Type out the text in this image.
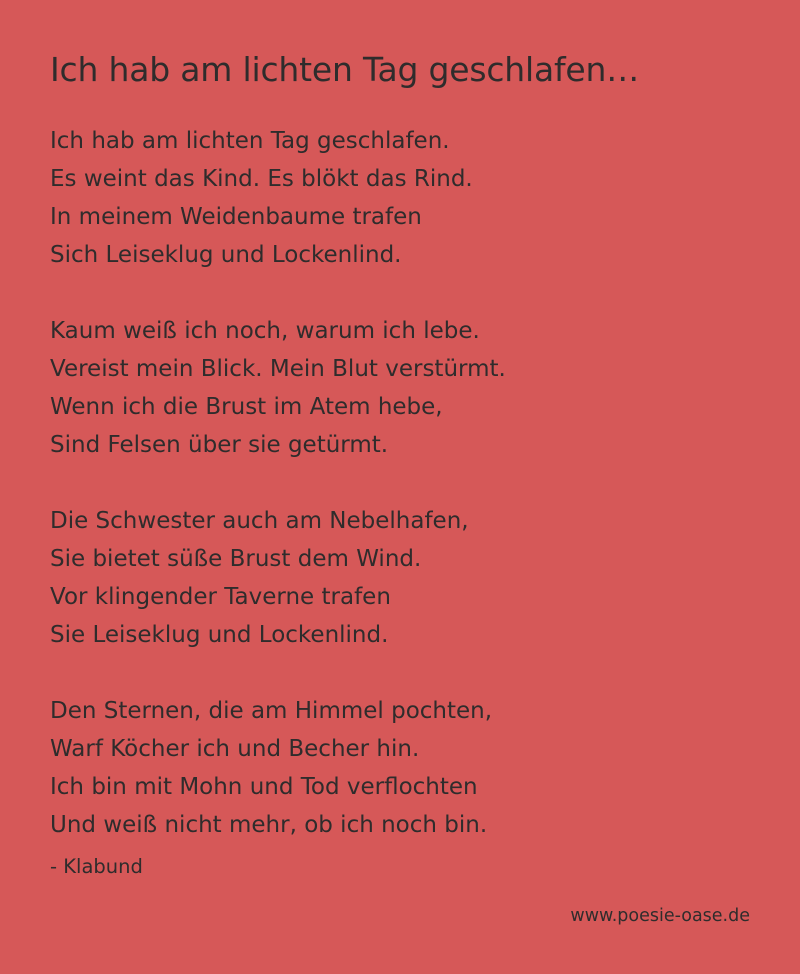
Ich hab am lichten Tag geschlafen…
Ich hab am lichten Tag geschlafen.
Es weint das Kind. Es blökt das Rind.
In meinem Weidenbaume trafen
Sich Leiseklug und Lockenlind.
Kaum weiß ich noch, warum ich lebe.
Vereist mein Blick. Mein Blut verstürmt.
Wenn ich die Brust im Atem hebe,
Sind Felsen über sie getürmt.
Die Schwester auch am Nebelhafen,
Sie bietet süße Brust dem Wind.
Vor klingender Taverne trafen
Sie Leiseklug und Lockenlind.
Den Sternen, die am Himmel pochten,
Warf Köcher ich und Becher hin.
Ich bin mit Mohn und Tod verflochten
Und weiß nicht mehr, ob ich noch bin.
- Klabund
www.poesie-oase.de
